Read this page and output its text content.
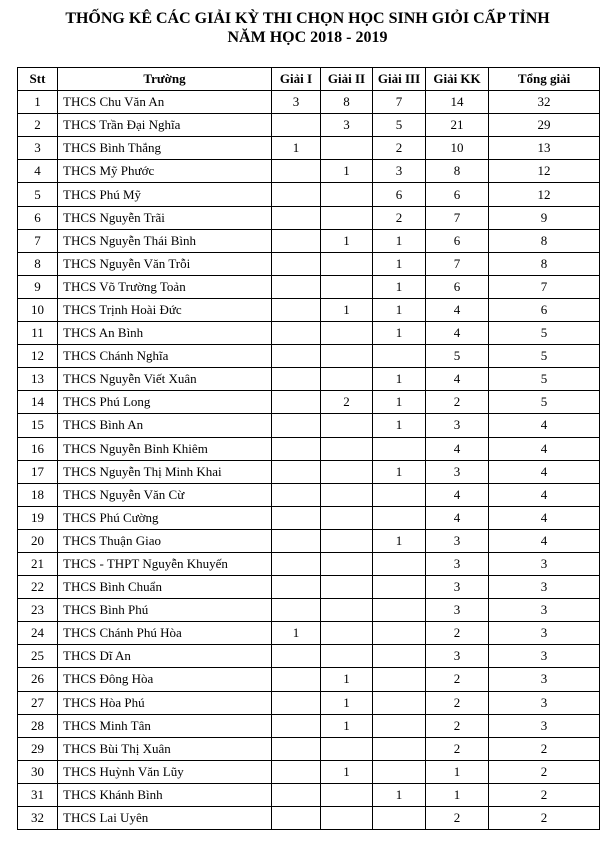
THỐNG KÊ CÁC GIẢI KỲ THI CHỌN HỌC SINH GIỎI CẤP TỈNH

NĂM HỌC 2018 - 2019

Stt	Trường	Giải I	Giải II	Giải III	Giải KK	Tổng giải
1	THCS Chu Văn An	3	8	7	14	32
2	THCS Trần Đại Nghĩa		3	5	21	29
3	THCS Bình Thắng	1		2	10	13
4	THCS Mỹ Phước		1	3	8	12
5	THCS Phú Mỹ			6	6	12
6	THCS Nguyễn Trãi			2	7	9
7	THCS Nguyễn Thái Bình		1	1	6	8
8	THCS Nguyễn Văn Trỗi			1	7	8
9	THCS Võ Trường Toản			1	6	7
10	THCS Trịnh Hoài Đức		1	1	4	6
11	THCS An Bình			1	4	5
12	THCS Chánh Nghĩa				5	5
13	THCS Nguyễn Viết Xuân			1	4	5
14	THCS Phú Long		2	1	2	5
15	THCS Bình An			1	3	4
16	THCS Nguyễn Bỉnh Khiêm				4	4
17	THCS Nguyễn Thị Minh Khai			1	3	4
18	THCS Nguyễn Văn Cừ				4	4
19	THCS Phú Cường				4	4
20	THCS Thuận Giao			1	3	4
21	THCS - THPT Nguyễn Khuyến				3	3
22	THCS Bình Chuẩn				3	3
23	THCS Bình Phú				3	3
24	THCS Chánh Phú Hòa	1			2	3
25	THCS Dĩ An				3	3
26	THCS Đông Hòa		1		2	3
27	THCS Hòa Phú		1		2	3
28	THCS Minh Tân		1		2	3
29	THCS Bùi Thị Xuân				2	2
30	THCS Huỳnh Văn Lũy		1		1	2
31	THCS Khánh Bình			1	1	2
32	THCS Lai Uyên				2	2
